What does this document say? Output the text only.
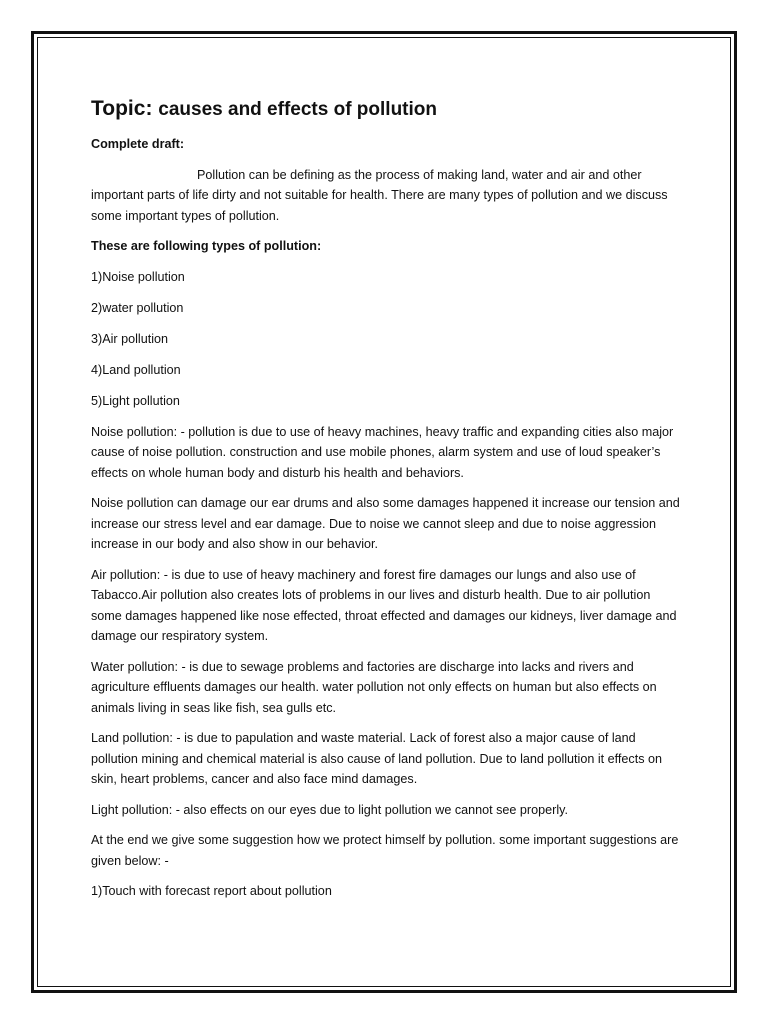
Topic: causes and effects of pollution
Complete draft:
Pollution can be defining as the process of making land, water and air and other important parts of life dirty and not suitable for health. There are many types of pollution and we discuss some important types of pollution.
These are following types of pollution:
1)Noise pollution
2)water pollution
3)Air pollution
4)Land pollution
5)Light pollution
Noise pollution: - pollution is due to use of heavy machines, heavy traffic and expanding cities also major cause of noise pollution. construction and use mobile phones, alarm system and use of loud speaker’s effects on whole human body and disturb his health and behaviors.
Noise pollution can damage our ear drums and also some damages happened it increase our tension and increase our stress level and ear damage. Due to noise we cannot sleep and due to noise aggression increase in our body and also show in our behavior.
Air pollution: - is due to use of heavy machinery and forest fire damages our lungs and also use of Tabacco.Air pollution also creates lots of problems in our lives and disturb health. Due to air pollution some damages happened like nose effected, throat effected and damages our kidneys, liver damage and damage our respiratory system.
Water pollution: - is due to sewage problems and factories are discharge into lacks and rivers and agriculture effluents damages our health. water pollution not only effects on human but also effects on animals living in seas like fish, sea gulls etc.
Land pollution: - is due to papulation and waste material. Lack of forest also a major cause of land pollution mining and chemical material is also cause of land pollution. Due to land pollution it effects on skin, heart problems, cancer and also face mind damages.
Light pollution: - also effects on our eyes due to light pollution we cannot see properly.
At the end we give some suggestion how we protect himself by pollution. some important suggestions are given below: -
1)Touch with forecast report about pollution
